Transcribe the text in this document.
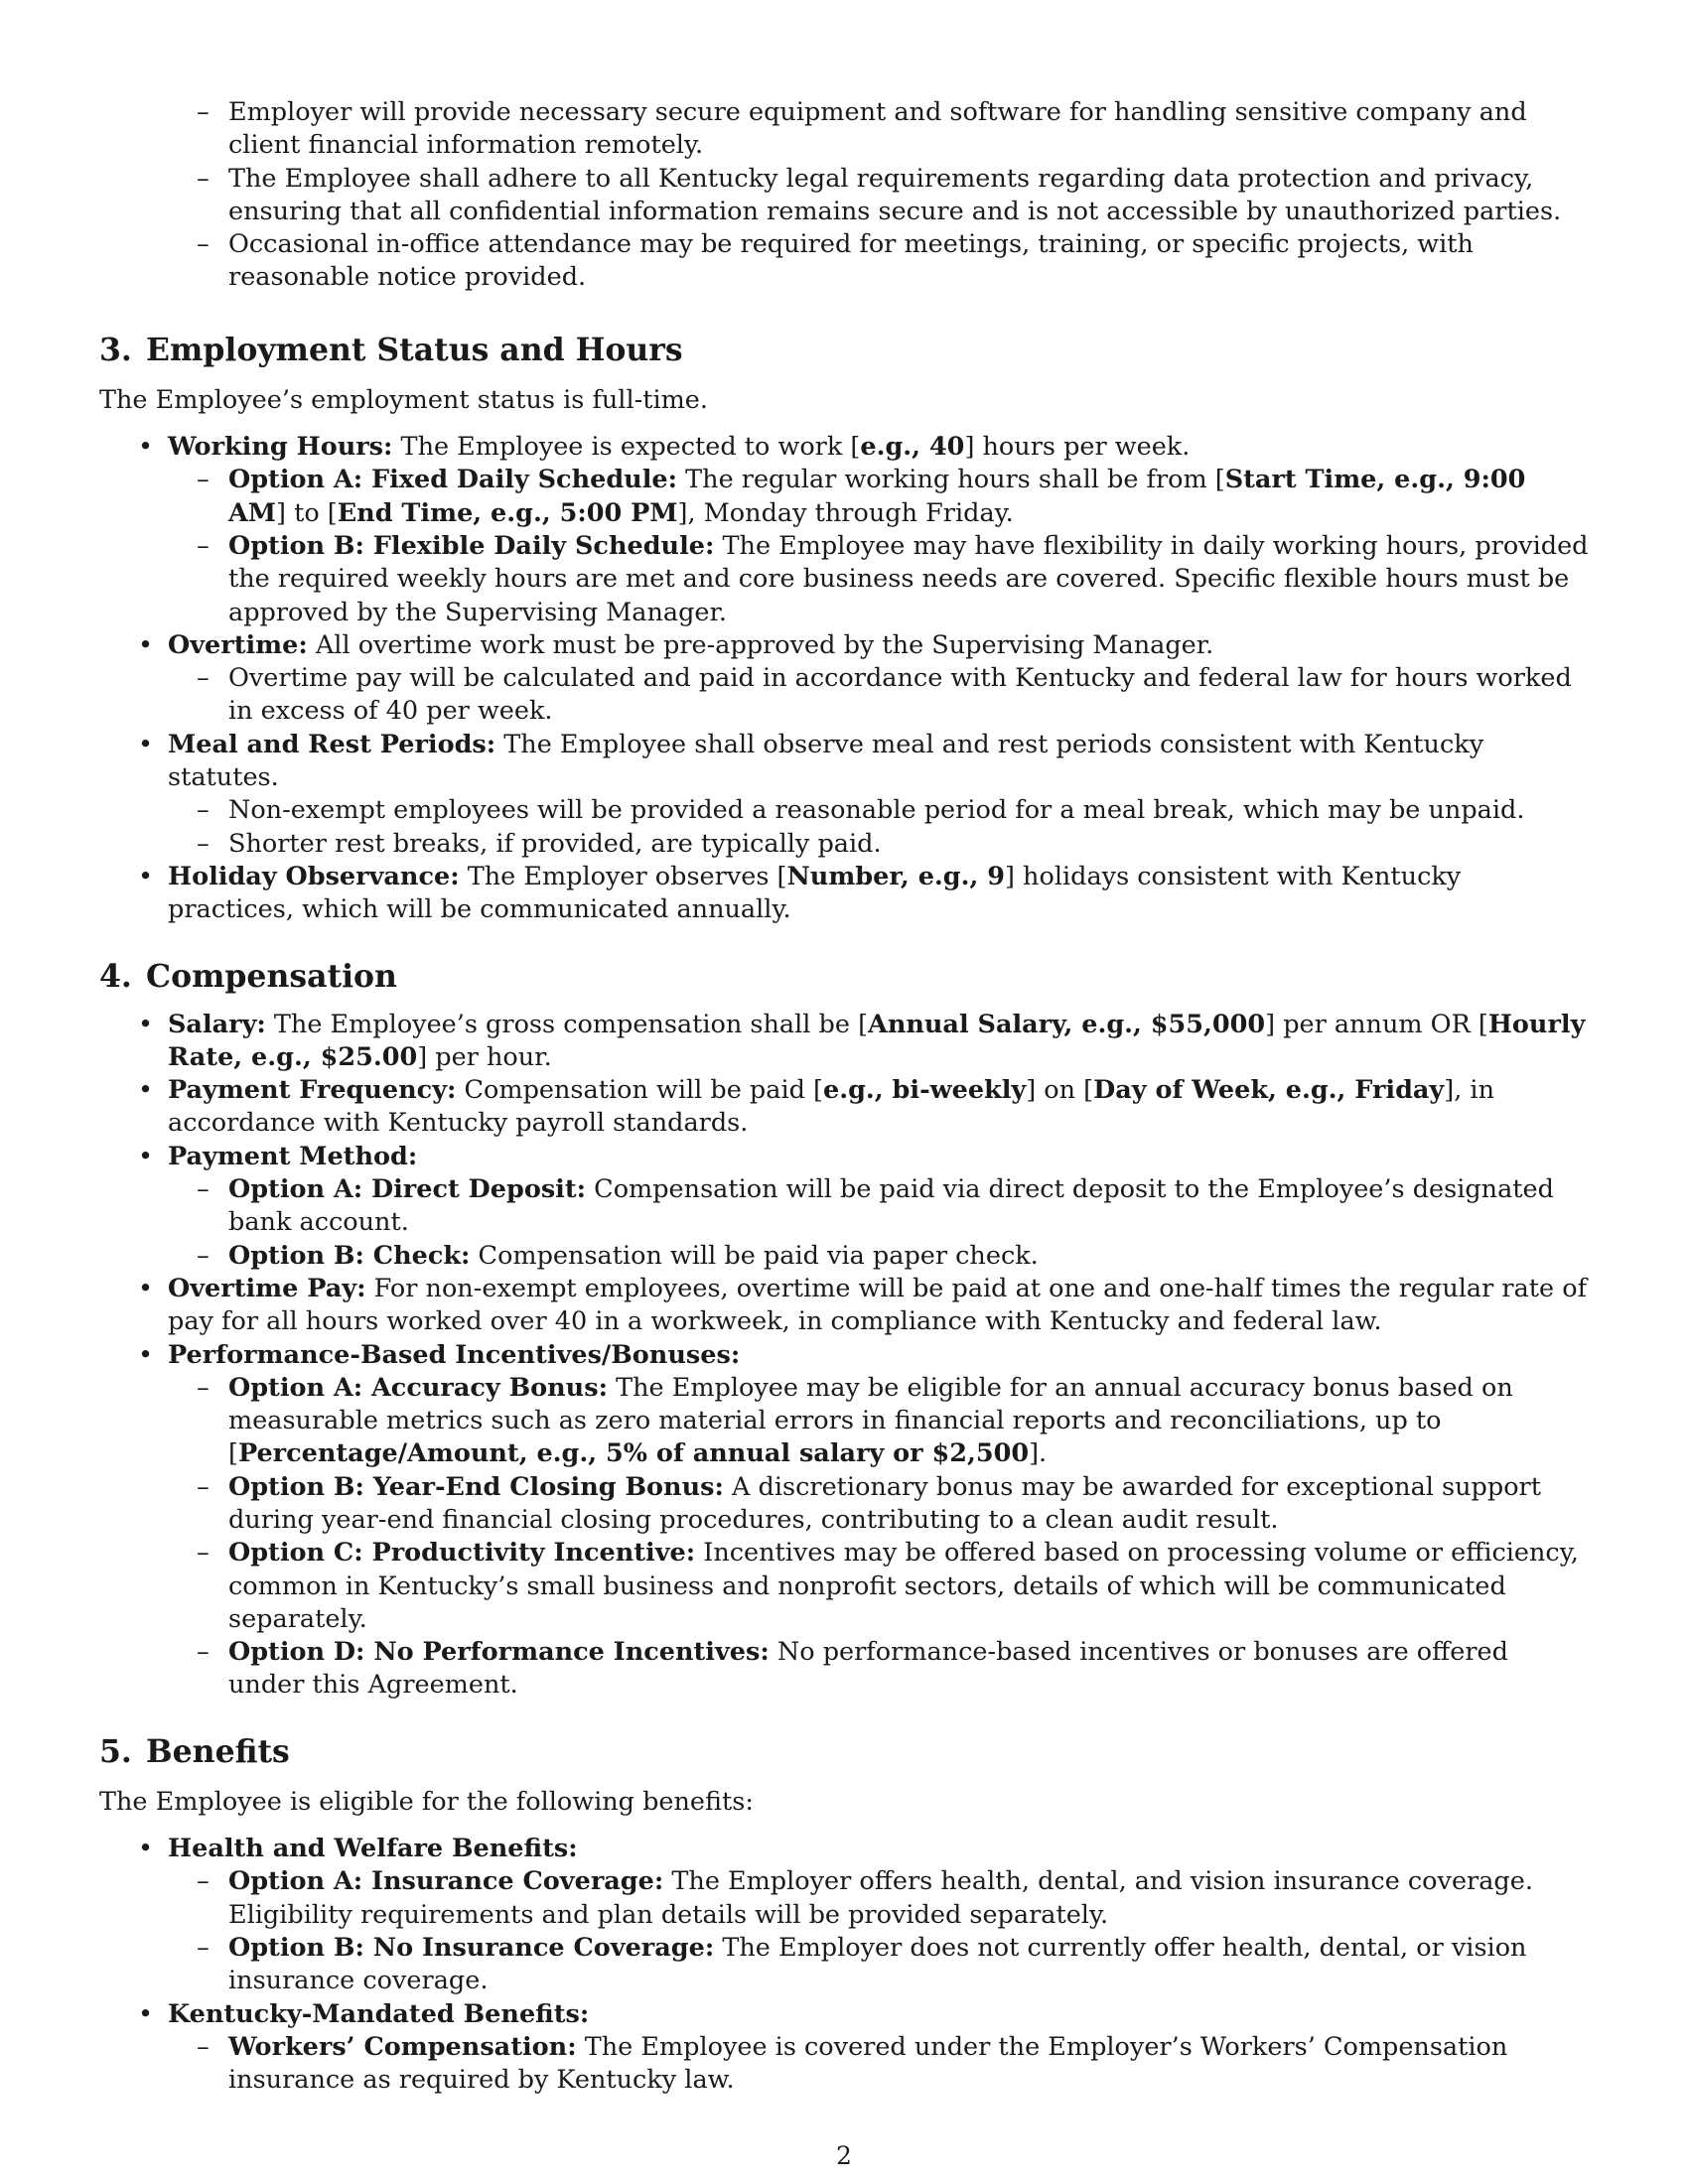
– Employer will provide necessary secure equipment and software for handling sensitive company and client financial information remotely.

– The Employee shall adhere to all Kentucky legal requirements regarding data protection and privacy, ensuring that all confidential information remains secure and is not accessible by unauthorized parties.

– Occasional in-office attendance may be required for meetings, training, or specific projects, with reasonable notice provided.

3. Employment Status and Hours

The Employee’s employment status is full-time.

• Working Hours: The Employee is expected to work [e.g., 40] hours per week.

– Option A: Fixed Daily Schedule: The regular working hours shall be from [Start Time, e.g., 9:00 AM] to [End Time, e.g., 5:00 PM], Monday through Friday.

– Option B: Flexible Daily Schedule: The Employee may have flexibility in daily working hours, provided the required weekly hours are met and core business needs are covered. Specific flexible hours must be approved by the Supervising Manager.

• Overtime: All overtime work must be pre-approved by the Supervising Manager.

– Overtime pay will be calculated and paid in accordance with Kentucky and federal law for hours worked in excess of 40 per week.

• Meal and Rest Periods: The Employee shall observe meal and rest periods consistent with Kentucky statutes.

– Non-exempt employees will be provided a reasonable period for a meal break, which may be unpaid.

– Shorter rest breaks, if provided, are typically paid.

• Holiday Observance: The Employer observes [Number, e.g., 9] holidays consistent with Kentucky practices, which will be communicated annually.

4. Compensation

• Salary: The Employee’s gross compensation shall be [Annual Salary, e.g., $55,000] per annum OR [Hourly Rate, e.g., $25.00] per hour.

• Payment Frequency: Compensation will be paid [e.g., bi-weekly] on [Day of Week, e.g., Friday], in accordance with Kentucky payroll standards.

• Payment Method:

– Option A: Direct Deposit: Compensation will be paid via direct deposit to the Employee’s designated bank account.

– Option B: Check: Compensation will be paid via paper check.

• Overtime Pay: For non-exempt employees, overtime will be paid at one and one-half times the regular rate of pay for all hours worked over 40 in a workweek, in compliance with Kentucky and federal law.

• Performance-Based Incentives/Bonuses:

– Option A: Accuracy Bonus: The Employee may be eligible for an annual accuracy bonus based on measurable metrics such as zero material errors in financial reports and reconciliations, up to [Percentage/Amount, e.g., 5% of annual salary or $2,500].

– Option B: Year-End Closing Bonus: A discretionary bonus may be awarded for exceptional support during year-end financial closing procedures, contributing to a clean audit result.

– Option C: Productivity Incentive: Incentives may be offered based on processing volume or efficiency, common in Kentucky’s small business and nonprofit sectors, details of which will be communicated separately.

– Option D: No Performance Incentives: No performance-based incentives or bonuses are offered under this Agreement.

5. Benefits

The Employee is eligible for the following benefits:

• Health and Welfare Benefits:

– Option A: Insurance Coverage: The Employer offers health, dental, and vision insurance coverage. Eligibility requirements and plan details will be provided separately.

– Option B: No Insurance Coverage: The Employer does not currently offer health, dental, or vision insurance coverage.

• Kentucky-Mandated Benefits:

– Workers’ Compensation: The Employee is covered under the Employer’s Workers’ Compensation insurance as required by Kentucky law.

2
